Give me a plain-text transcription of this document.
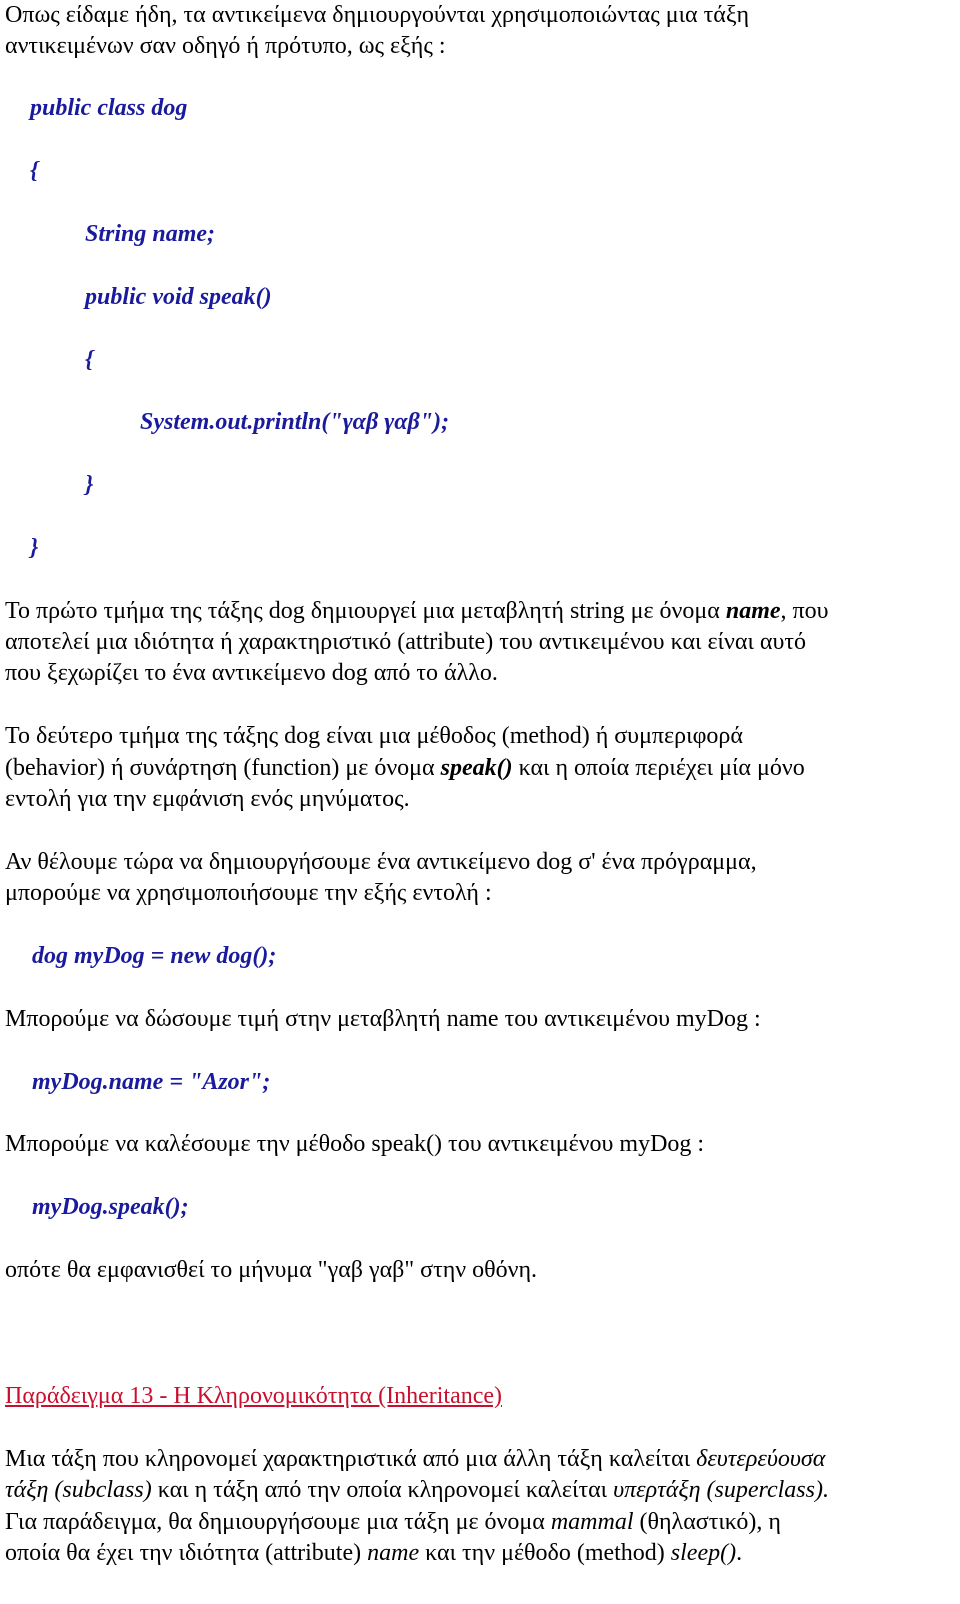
Οπως είδαμε ήδη, τα αντικείμενα δημιουργούνται χρησιμοποιώντας μια τάξη

αντικειμένων σαν οδηγό ή πρότυπο, ως εξής :

public class dog

{

String name;

public void speak()

{

System.out.println("γαβ γαβ");

}

}

Το πρώτο τμήμα της τάξης dog δημιουργεί μια μεταβλητή string με όνομα name, που

αποτελεί μια ιδιότητα ή χαρακτηριστικό (attribute) του αντικειμένου και είναι αυτό

που ξεχωρίζει το ένα αντικείμενο dog από το άλλο.

Το δεύτερο τμήμα της τάξης dog είναι μια μέθοδος (method) ή συμπεριφορά

(behavior) ή συνάρτηση (function) με όνομα speak() και η οποία περιέχει μία μόνο

εντολή για την εμφάνιση ενός μηνύματος.

Αν θέλουμε τώρα να δημιουργήσουμε ένα αντικείμενο dog σ' ένα πρόγραμμα,

μπορούμε να χρησιμοποιήσουμε την εξής εντολή :

dog myDog = new dog();

Μπορούμε να δώσουμε τιμή στην μεταβλητή name του αντικειμένου myDog :

myDog.name = "Azor";

Μπορούμε να καλέσουμε την μέθοδο speak() του αντικειμένου myDog :

myDog.speak();

οπότε θα εμφανισθεί το μήνυμα "γαβ γαβ" στην οθόνη.

Παράδειγμα 13 - Η Κληρονομικότητα (Inheritance)

Μια τάξη που κληρονομεί χαρακτηριστικά από μια άλλη τάξη καλείται δευτερεύουσα

τάξη (subclass) και η τάξη από την οποία κληρονομεί καλείται υπερτάξη (superclass).

Για παράδειγμα, θα δημιουργήσουμε μια τάξη με όνομα mammal (θηλαστικό), η

οποία θα έχει την ιδιότητα (attribute) name και την μέθοδο (method) sleep().
